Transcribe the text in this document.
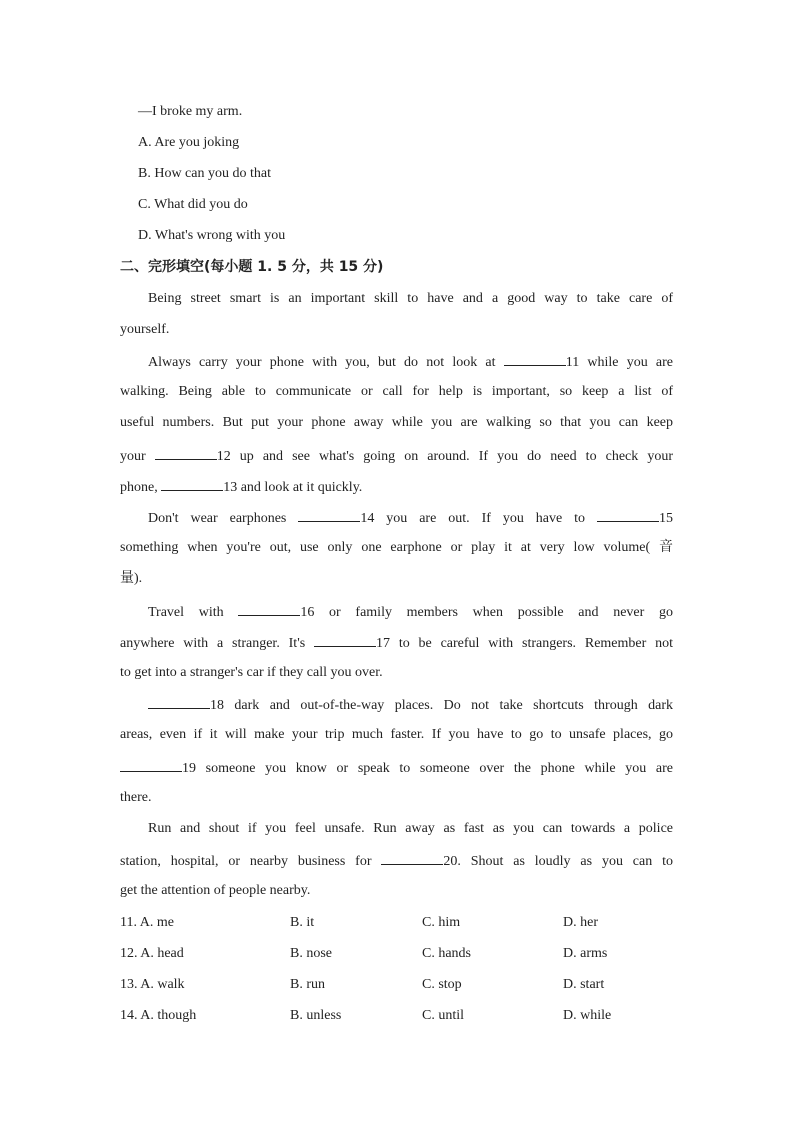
—I broke my arm.
A. Are you joking
B. How can you do that
C. What did you do
D. What's wrong with you
二、完形填空(每小题 1. 5 分，共 15 分)
Being street smart is an important skill to have and a good way to take care of
yourself.
Always carry your phone with you, but do not look at	11 while you are
walking. Being able to communicate or call for help is important, so keep a list of
useful numbers. But put your phone away while you are walking so that you can keep
your	12 up and see what's going on around. If you do need to check your
phone,	13 and look at it quickly.
Don't wear earphones	14 you are out. If you have to	15
something when you're out, use only one earphone or play it at very low volume( 音
量).
Travel with	16 or family members when possible and never go
anywhere with a stranger. It's	17 to be careful with strangers. Remember not
to get into a stranger's car if they call you over.
18 dark and out-of-the-way places. Do not take shortcuts through dark
areas, even if it will make your trip much faster. If you have to go to unsafe places, go
19 someone you know or speak to someone over the phone while you are
there.
Run and shout if you feel unsafe. Run away as fast as you can towards a police
station, hospital, or nearby business for	20. Shout as loudly as you can to
get the attention of people nearby.
11. A. me	B. it	C. him	D. her
12. A. head	B. nose	C. hands	D. arms
13. A. walk	B. run	C. stop	D. start
14. A. though	B. unless	C. until	D. while
